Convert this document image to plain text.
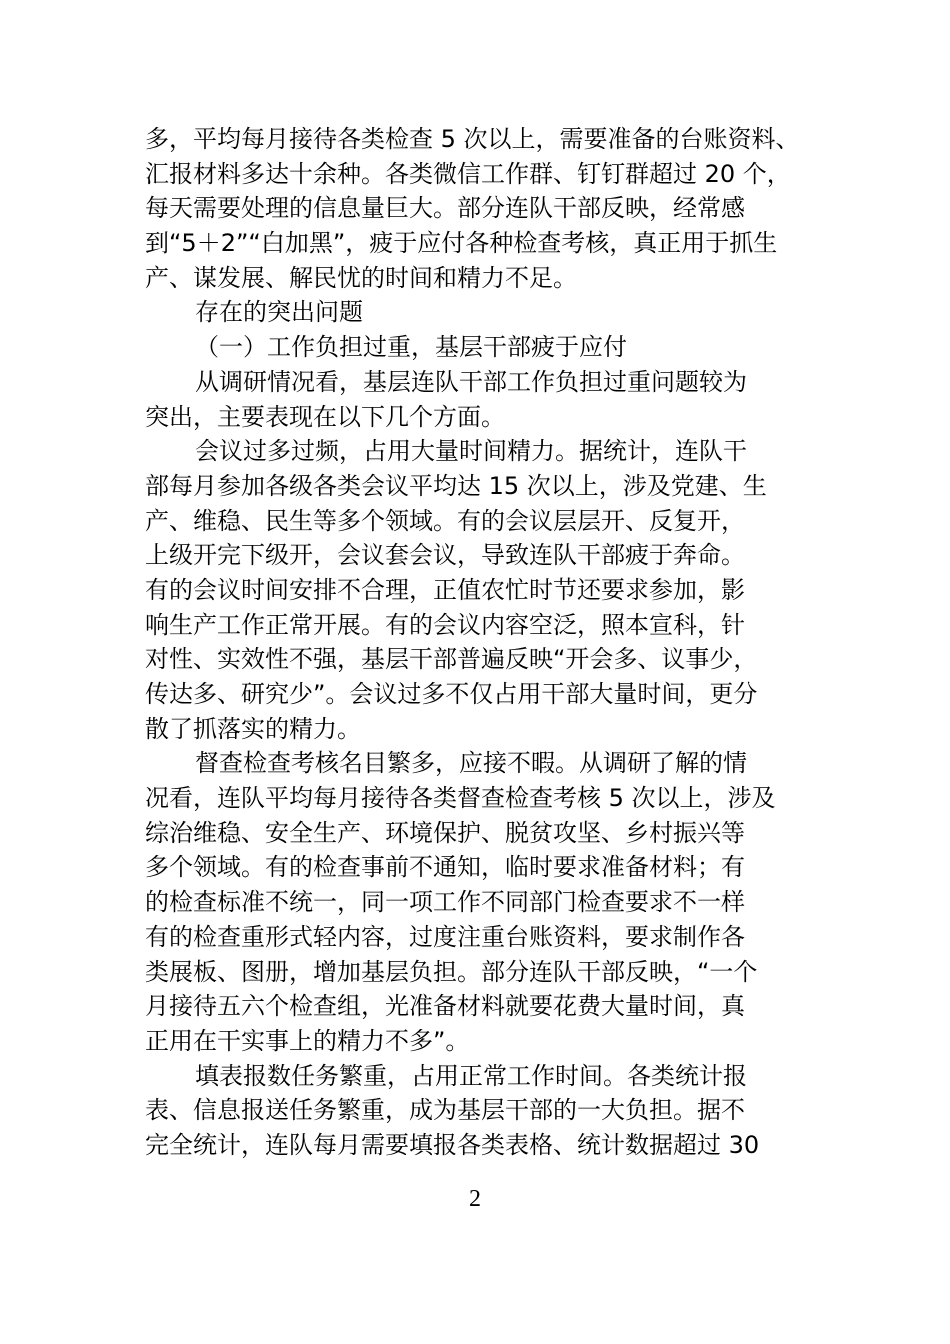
多，平均每月接待各类检查 5 次以上，需要准备的台账资料、
汇报材料多达十余种。各类微信工作群、钉钉群超过 20 个，
每天需要处理的信息量巨大。部分连队干部反映，经常感
到“5＋2”“白加黑”，疲于应付各种检查考核，真正用于抓生
产、谋发展、解民忧的时间和精力不足。
存在的突出问题
（一）工作负担过重，基层干部疲于应付
从调研情况看，基层连队干部工作负担过重问题较为
突出，主要表现在以下几个方面。
会议过多过频，占用大量时间精力。据统计，连队干
部每月参加各级各类会议平均达 15 次以上，涉及党建、生
产、维稳、民生等多个领域。有的会议层层开、反复开，
上级开完下级开，会议套会议，导致连队干部疲于奔命。
有的会议时间安排不合理，正值农忙时节还要求参加，影
响生产工作正常开展。有的会议内容空泛，照本宣科，针
对性、实效性不强，基层干部普遍反映“开会多、议事少，
传达多、研究少”。会议过多不仅占用干部大量时间，更分
散了抓落实的精力。
督查检查考核名目繁多，应接不暇。从调研了解的情
况看，连队平均每月接待各类督查检查考核 5 次以上，涉及
综治维稳、安全生产、环境保护、脱贫攻坚、乡村振兴等
多个领域。有的检查事前不通知，临时要求准备材料；有
的检查标准不统一，同一项工作不同部门检查要求不一样
有的检查重形式轻内容，过度注重台账资料，要求制作各
类展板、图册，增加基层负担。部分连队干部反映，“一个
月接待五六个检查组，光准备材料就要花费大量时间，真
正用在干实事上的精力不多”。
填表报数任务繁重，占用正常工作时间。各类统计报
表、信息报送任务繁重，成为基层干部的一大负担。据不
完全统计，连队每月需要填报各类表格、统计数据超过 30
2
